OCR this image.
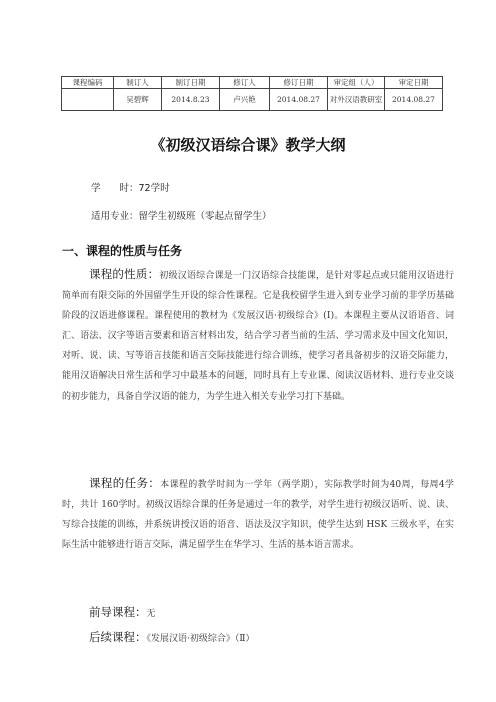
课程编码	制订人	制订日期	修订人	修订日期	审定组（人）	审定日期
	吴碧辉	2014.8.23	卢兴艳	2014.08.27	对外汉语教研室	2014.08.27
《初级汉语综合课》教学大纲
学　　时：72学时
适用专业：留学生初级班（零起点留学生）
一、课程的性质与任务

课程的性质：初级汉语综合课是一门汉语综合技能课，是针对零起点或只能用汉语进行简单而有限交际的外国留学生开设的综合性课程。它是我校留学生进入到专业学习前的非学历基础阶段的汉语进修课程。课程使用的教材为《发展汉语·初级综合》(Ⅰ)。本课程主要从汉语语音、词汇、语法、汉字等语言要素和语言材料出发，结合学习者当前的生活、学习需求及中国文化知识，对听、说、读、写等语言技能和语言交际技能进行综合训练，使学习者具备初步的汉语交际能力，能用汉语解决日常生活和学习中最基本的问题，同时具有上专业课、阅读汉语材料、进行专业交谈的初步能力，具备自学汉语的能力，为学生进入相关专业学习打下基础。

课程的任务：本课程的教学时间为一学年（两学期），实际教学时间为40周，每周4学时，共计 160学时。初级汉语综合课的任务是通过一年的教学，对学生进行初级汉语听、说、读、写综合技能的训练，并系统讲授汉语的语音、语法及汉字知识，使学生达到 HSK 三级水平，在实际生活中能够进行语言交际，满足留学生在华学习、生活的基本语言需求。

前导课程：无
后续课程：《发展汉语·初级综合》（Ⅱ）
